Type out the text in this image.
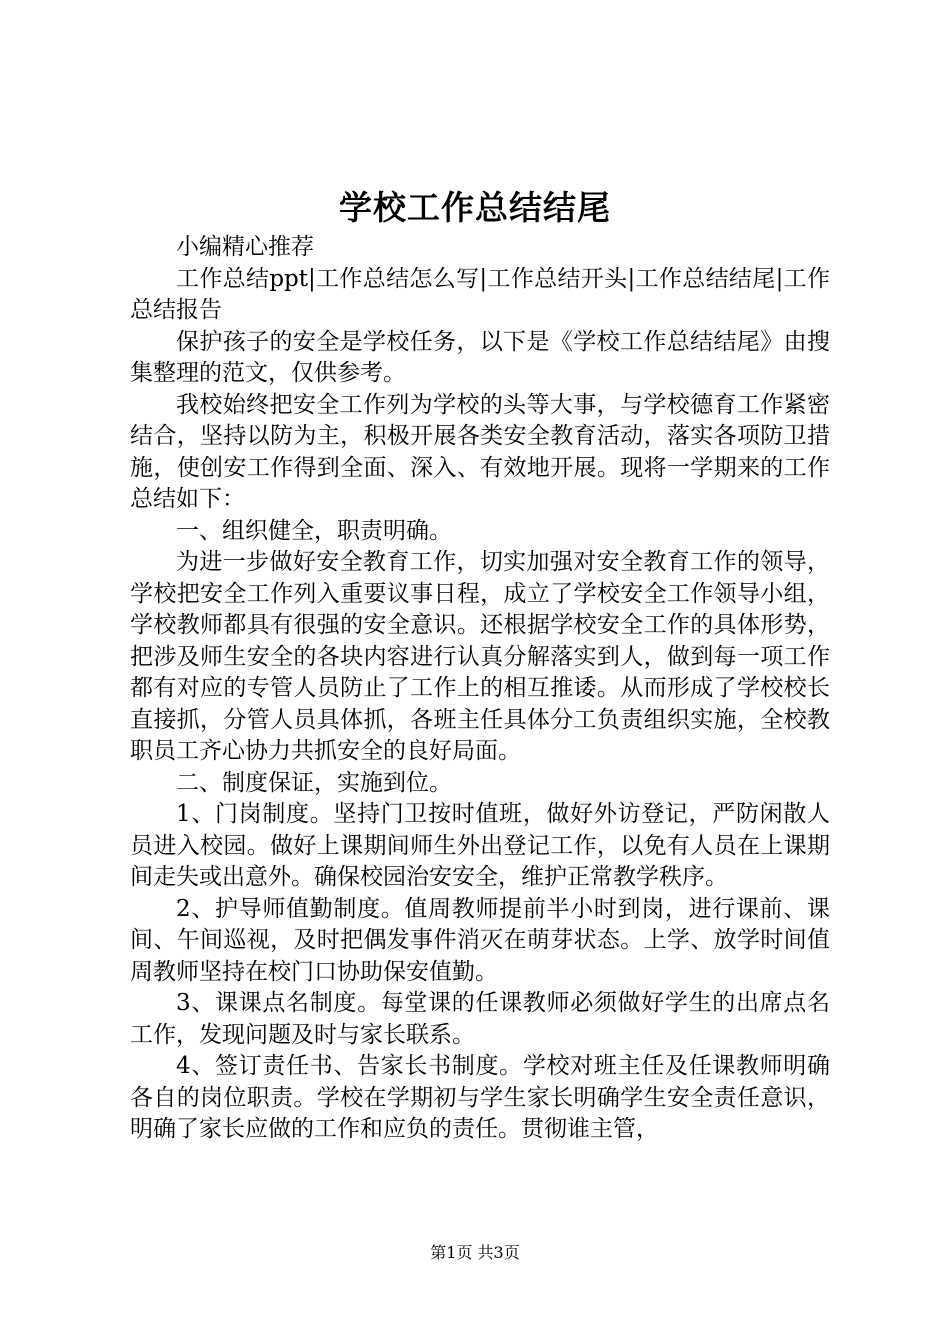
学校工作总结结尾

小编精心推荐

工作总结ppt|工作总结怎么写|工作总结开头|工作总结结尾|工作总结报告

保护孩子的安全是学校任务，以下是《学校工作总结结尾》由搜集整理的范文，仅供参考。

我校始终把安全工作列为学校的头等大事，与学校德育工作紧密结合，坚持以防为主，积极开展各类安全教育活动，落实各项防卫措施，使创安工作得到全面、深入、有效地开展。现将一学期来的工作总结如下：

一、组织健全，职责明确。

为进一步做好安全教育工作，切实加强对安全教育工作的领导，学校把安全工作列入重要议事日程，成立了学校安全工作领导小组，学校教师都具有很强的安全意识。还根据学校安全工作的具体形势，把涉及师生安全的各块内容进行认真分解落实到人，做到每一项工作都有对应的专管人员防止了工作上的相互推诿。从而形成了学校校长直接抓，分管人员具体抓，各班主任具体分工负责组织实施，全校教职员工齐心协力共抓安全的良好局面。

二、制度保证，实施到位。

1、门岗制度。坚持门卫按时值班，做好外访登记，严防闲散人员进入校园。做好上课期间师生外出登记工作，以免有人员在上课期间走失或出意外。确保校园治安安全，维护正常教学秩序。

2、护导师值勤制度。值周教师提前半小时到岗，进行课前、课间、午间巡视，及时把偶发事件消灭在萌芽状态。上学、放学时间值周教师坚持在校门口协助保安值勤。

3、课课点名制度。每堂课的任课教师必须做好学生的出席点名工作，发现问题及时与家长联系。

4、签订责任书、告家长书制度。学校对班主任及任课教师明确各自的岗位职责。学校在学期初与学生家长明确学生安全责任意识，明确了家长应做的工作和应负的责任。贯彻谁主管，

第1页 共3页
